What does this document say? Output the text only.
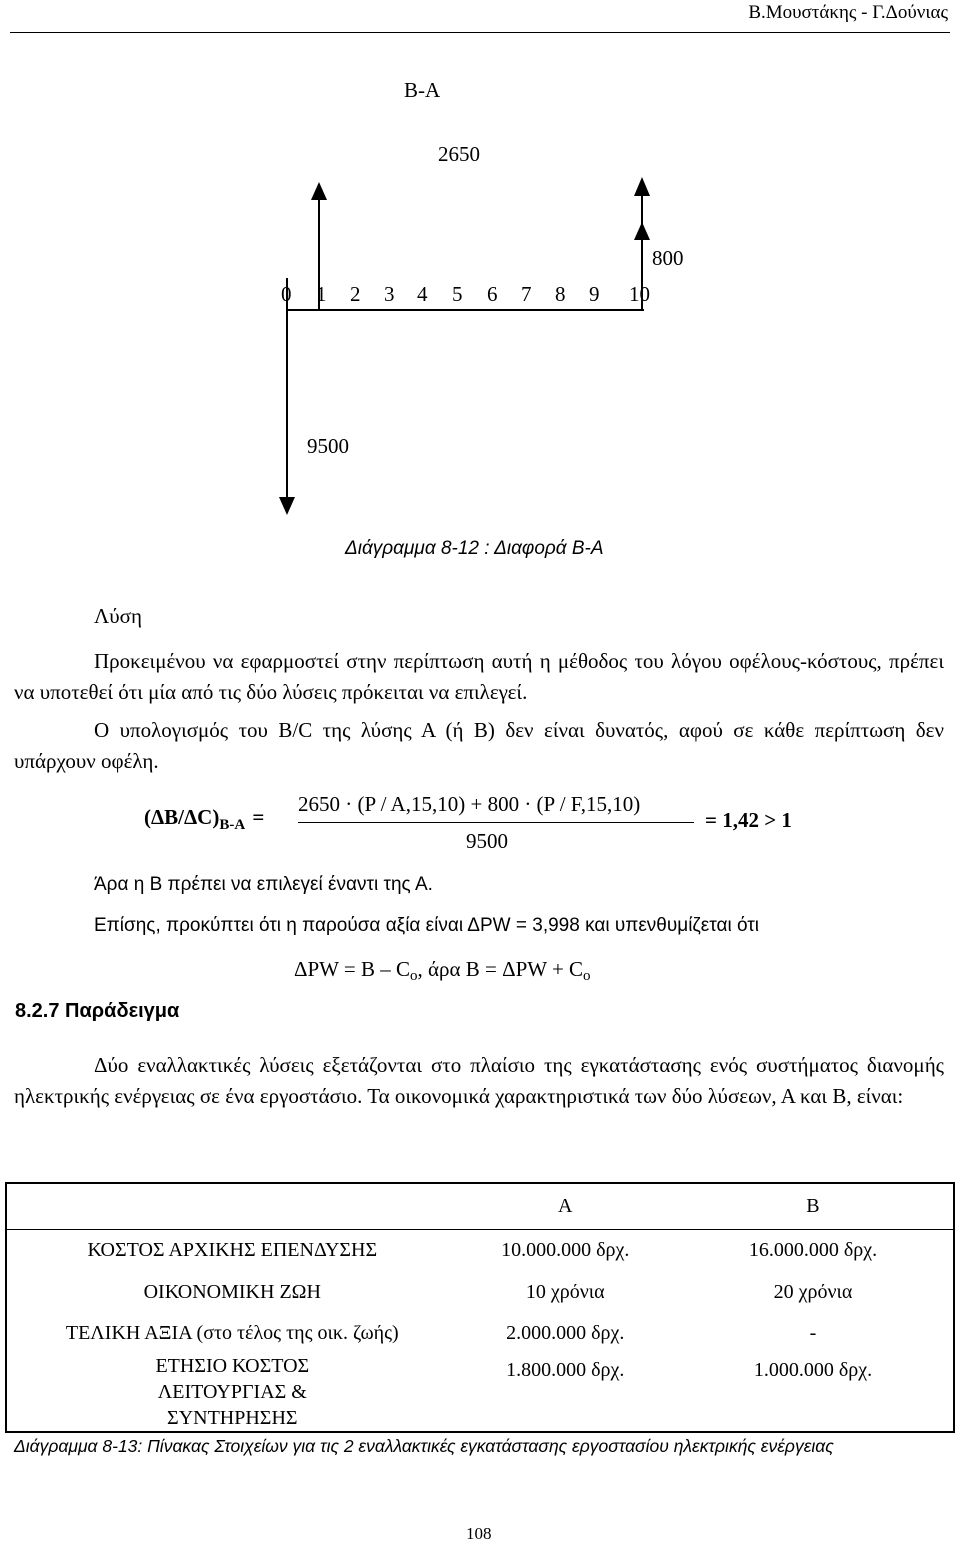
Β.Μουστάκης - Γ.Δούνιας
B-A
2650
800
9500
0 1 2 3 4 5 6 7 8 9 10
Διάγραμμα 8-12 : Διαφορά B-A
Λύση
Προκειμένου να εφαρμοστεί στην περίπτωση αυτή η μέθοδος του λόγου οφέλους-κόστους, πρέπει να υποτεθεί ότι μία από τις δύο λύσεις πρόκειται να επιλεγεί.
Ο υπολογισμός του B/C της λύσης Α (ή Β) δεν είναι δυνατός, αφού σε κάθε περίπτωση δεν υπάρχουν οφέλη.
$(\Delta B/\Delta C)_{B-A}$ =
2650 · (P / A,15,10) + 800 · (P / F,15,10)
9500
= 1,42 > 1
Άρα η Β πρέπει να επιλεγεί έναντι της Α.
Επίσης, προκύπτει ότι η παρούσα αξία είναι ΔPW = 3,998 και υπενθυμίζεται ότι
ΔPW = B – Co, άρα B = ΔPW + Co
8.2.7 Παράδειγμα
Δύο εναλλακτικές λύσεις εξετάζονται στο πλαίσιο της εγκατάστασης ενός συστήματος διανομής ηλεκτρικής ενέργειας σε ένα εργοστάσιο. Τα οικονομικά χαρακτηριστικά των δύο λύσεων, Α και Β, είναι:
	Α	Β
ΚΟΣΤΟΣ ΑΡΧΙΚΗΣ ΕΠΕΝΔΥΣΗΣ	10.000.000 δρχ.	16.000.000 δρχ.
ΟΙΚΟΝΟΜΙΚΗ ΖΩΗ	10 χρόνια	20 χρόνια
ΤΕΛΙΚΗ ΑΞΙΑ (στο τέλος της οικ. ζωής)	2.000.000 δρχ.	-
ΕΤΗΣΙΟ ΚΟΣΤΟΣ ΛΕΙΤΟΥΡΓΙΑΣ & ΣΥΝΤΗΡΗΣΗΣ	1.800.000 δρχ.	1.000.000 δρχ.
Διάγραμμα 8-13: Πίνακας Στοιχείων για τις 2 εναλλακτικές εγκατάστασης εργοστασίου ηλεκτρικής ενέργειας
108
